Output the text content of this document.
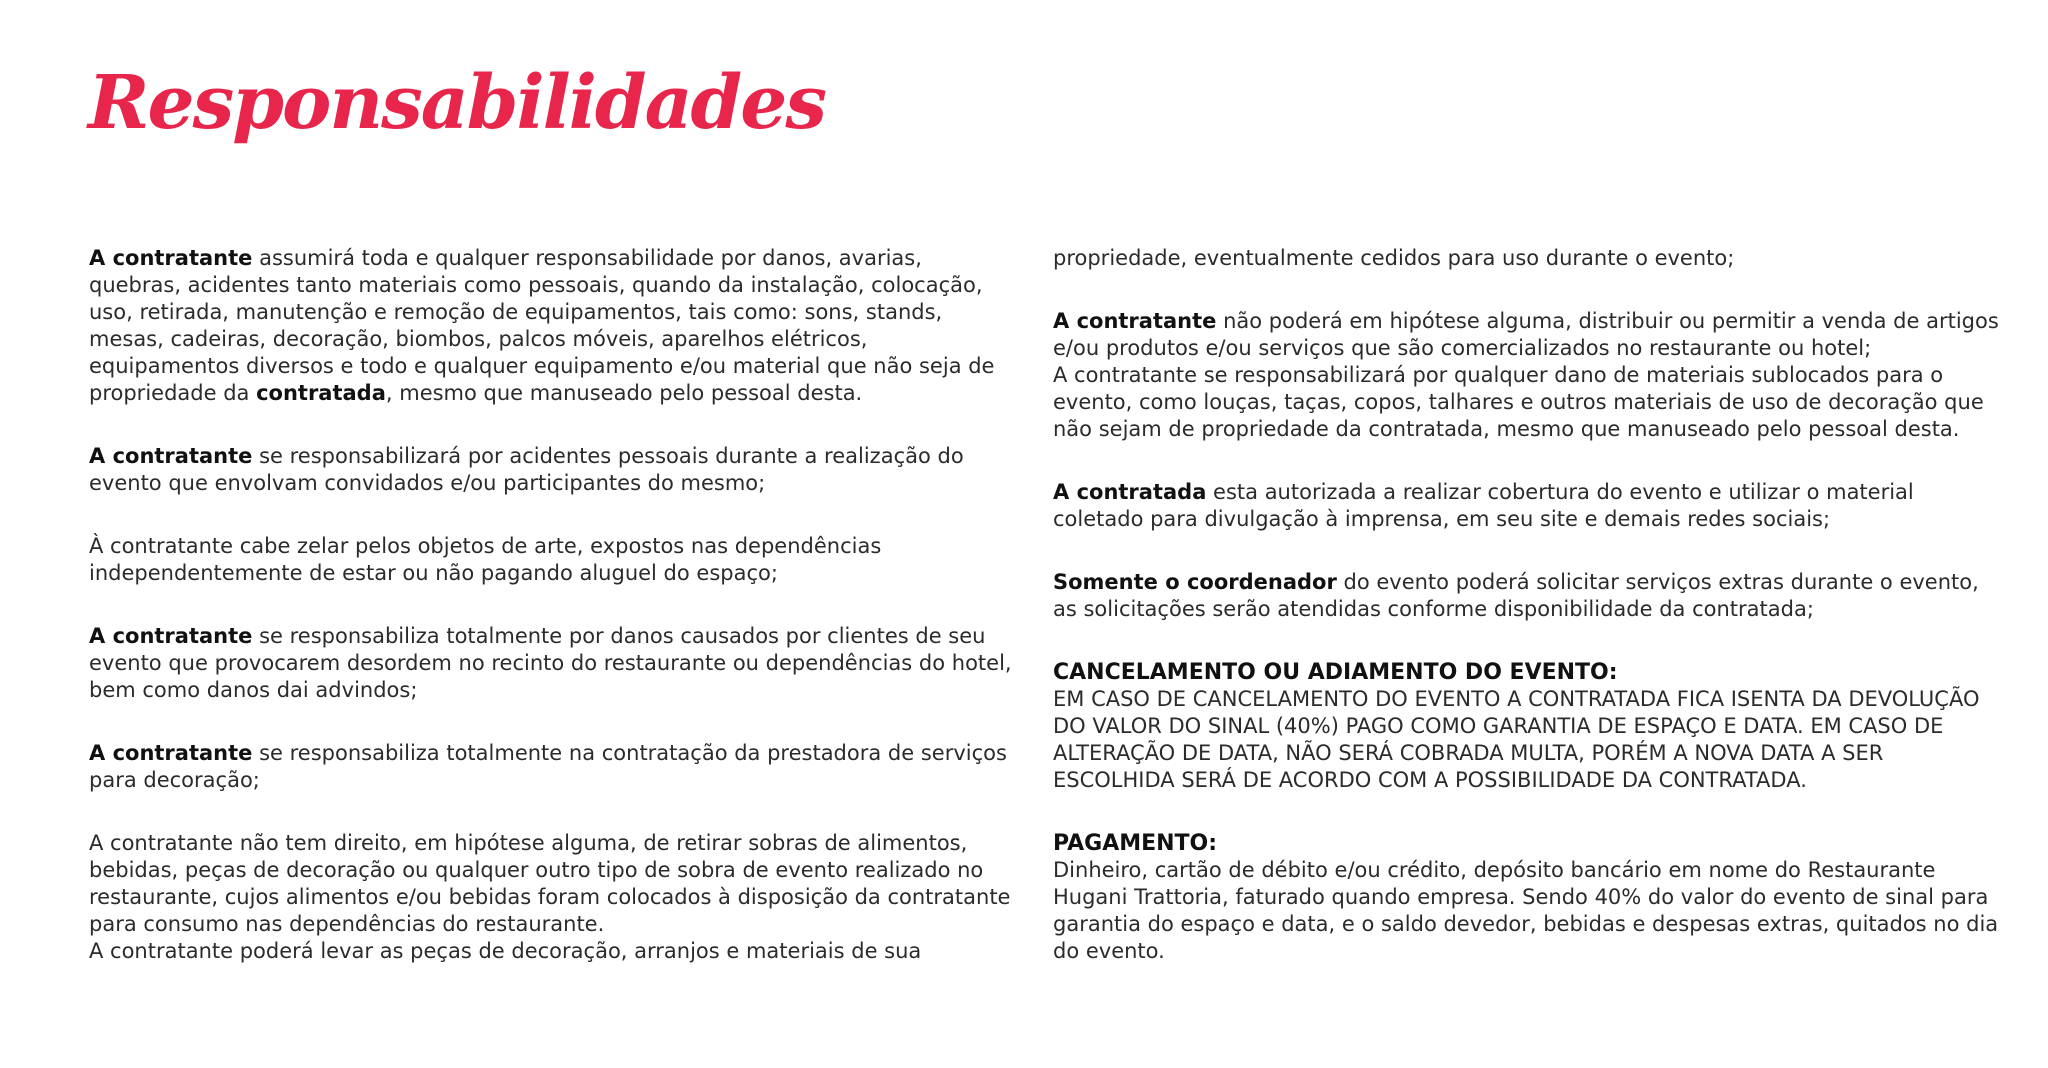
Responsabilidades

A contratante assumirá toda e qualquer responsabilidade por danos, avarias, quebras, acidentes tanto materiais como pessoais, quando da instalação, colocação, uso, retirada, manutenção e remoção de equipamentos, tais como: sons, stands, mesas, cadeiras, decoração, biombos, palcos móveis, aparelhos elétricos, equipamentos diversos e todo e qualquer equipamento e/ou material que não seja de propriedade da contratada, mesmo que manuseado pelo pessoal desta.

A contratante se responsabilizará por acidentes pessoais durante a realização do evento que envolvam convidados e/ou participantes do mesmo;

À contratante cabe zelar pelos objetos de arte, expostos nas dependências independentemente de estar ou não pagando aluguel do espaço;

A contratante se responsabiliza totalmente por danos causados por clientes de seu evento que provocarem desordem no recinto do restaurante ou dependências do hotel, bem como danos dai advindos;

A contratante se responsabiliza totalmente na contratação da prestadora de serviços para decoração;

A contratante não tem direito, em hipótese alguma, de retirar sobras de alimentos, bebidas, peças de decoração ou qualquer outro tipo de sobra de evento realizado no restaurante, cujos alimentos e/ou bebidas foram colocados à disposição da contratante para consumo nas dependências do restaurante.

A contratante poderá levar as peças de decoração, arranjos e materiais de sua

propriedade, eventualmente cedidos para uso durante o evento;

A contratante não poderá em hipótese alguma, distribuir ou permitir a venda de artigos e/ou produtos e/ou serviços que são comercializados no restaurante ou hotel;

A contratante se responsabilizará por qualquer dano de materiais sublocados para o evento, como louças, taças, copos, talhares e outros materiais de uso de decoração que não sejam de propriedade da contratada, mesmo que manuseado pelo pessoal desta.

A contratada esta autorizada a realizar cobertura do evento e utilizar o material coletado para divulgação à imprensa, em seu site e demais redes sociais;

Somente o coordenador do evento poderá solicitar serviços extras durante o evento, as solicitações serão atendidas conforme disponibilidade da contratada;

CANCELAMENTO OU ADIAMENTO DO EVENTO:

EM CASO DE CANCELAMENTO DO EVENTO A CONTRATADA FICA ISENTA DA DEVOLUÇÃO DO VALOR DO SINAL (40%) PAGO COMO GARANTIA DE ESPAÇO E DATA. EM CASO DE ALTERAÇÃO DE DATA, NÃO SERÁ COBRADA MULTA, PORÉM A NOVA DATA A SER ESCOLHIDA SERÁ DE ACORDO COM A POSSIBILIDADE DA CONTRATADA.

PAGAMENTO:

Dinheiro, cartão de débito e/ou crédito, depósito bancário em nome do Restaurante Hugani Trattoria, faturado quando empresa. Sendo 40% do valor do evento de sinal para garantia do espaço e data, e o saldo devedor, bebidas e despesas extras, quitados no dia do evento.
